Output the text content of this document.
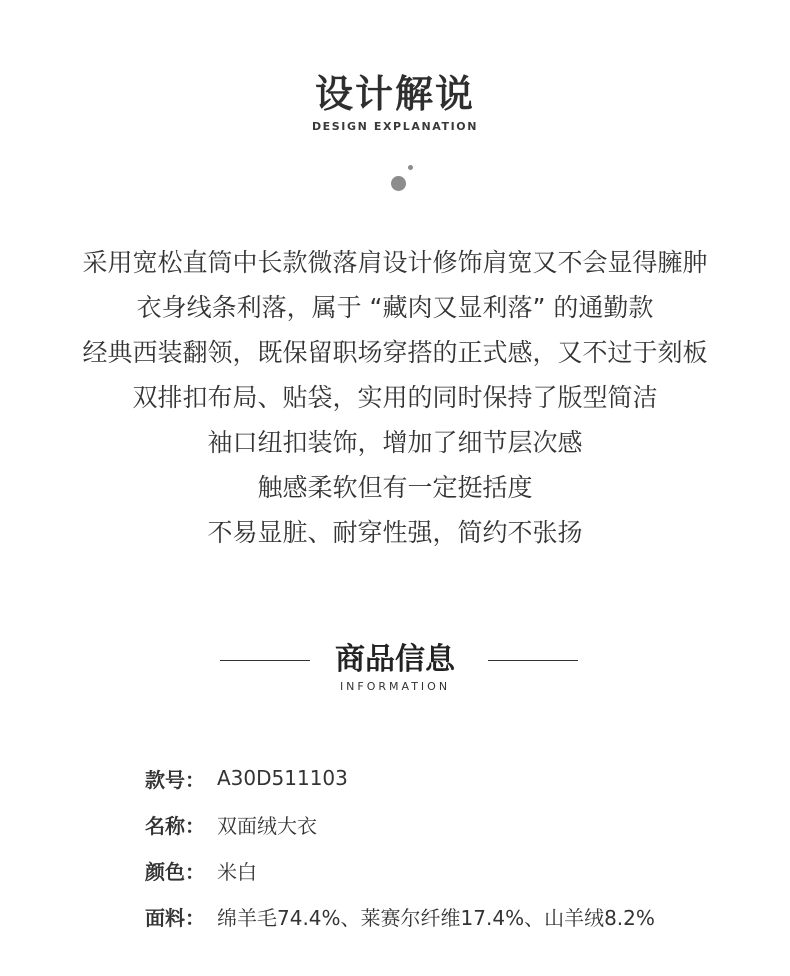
设计解说
DESIGN EXPLANATION
采用宽松直筒中长款微落肩设计修饰肩宽又不会显得臃肿
衣身线条利落，属于 “藏肉又显利落” 的通勤款
经典西装翻领，既保留职场穿搭的正式感，又不过于刻板
双排扣布局、贴袋，实用的同时保持了版型简洁
袖口纽扣装饰，增加了细节层次感
触感柔软但有一定挺括度
不易显脏、耐穿性强，简约不张扬
商品信息
INFORMATION
款号： A30D511103
名称： 双面绒大衣
颜色： 米白
面料： 绵羊毛74.4%、莱赛尔纤维17.4%、山羊绒8.2%
